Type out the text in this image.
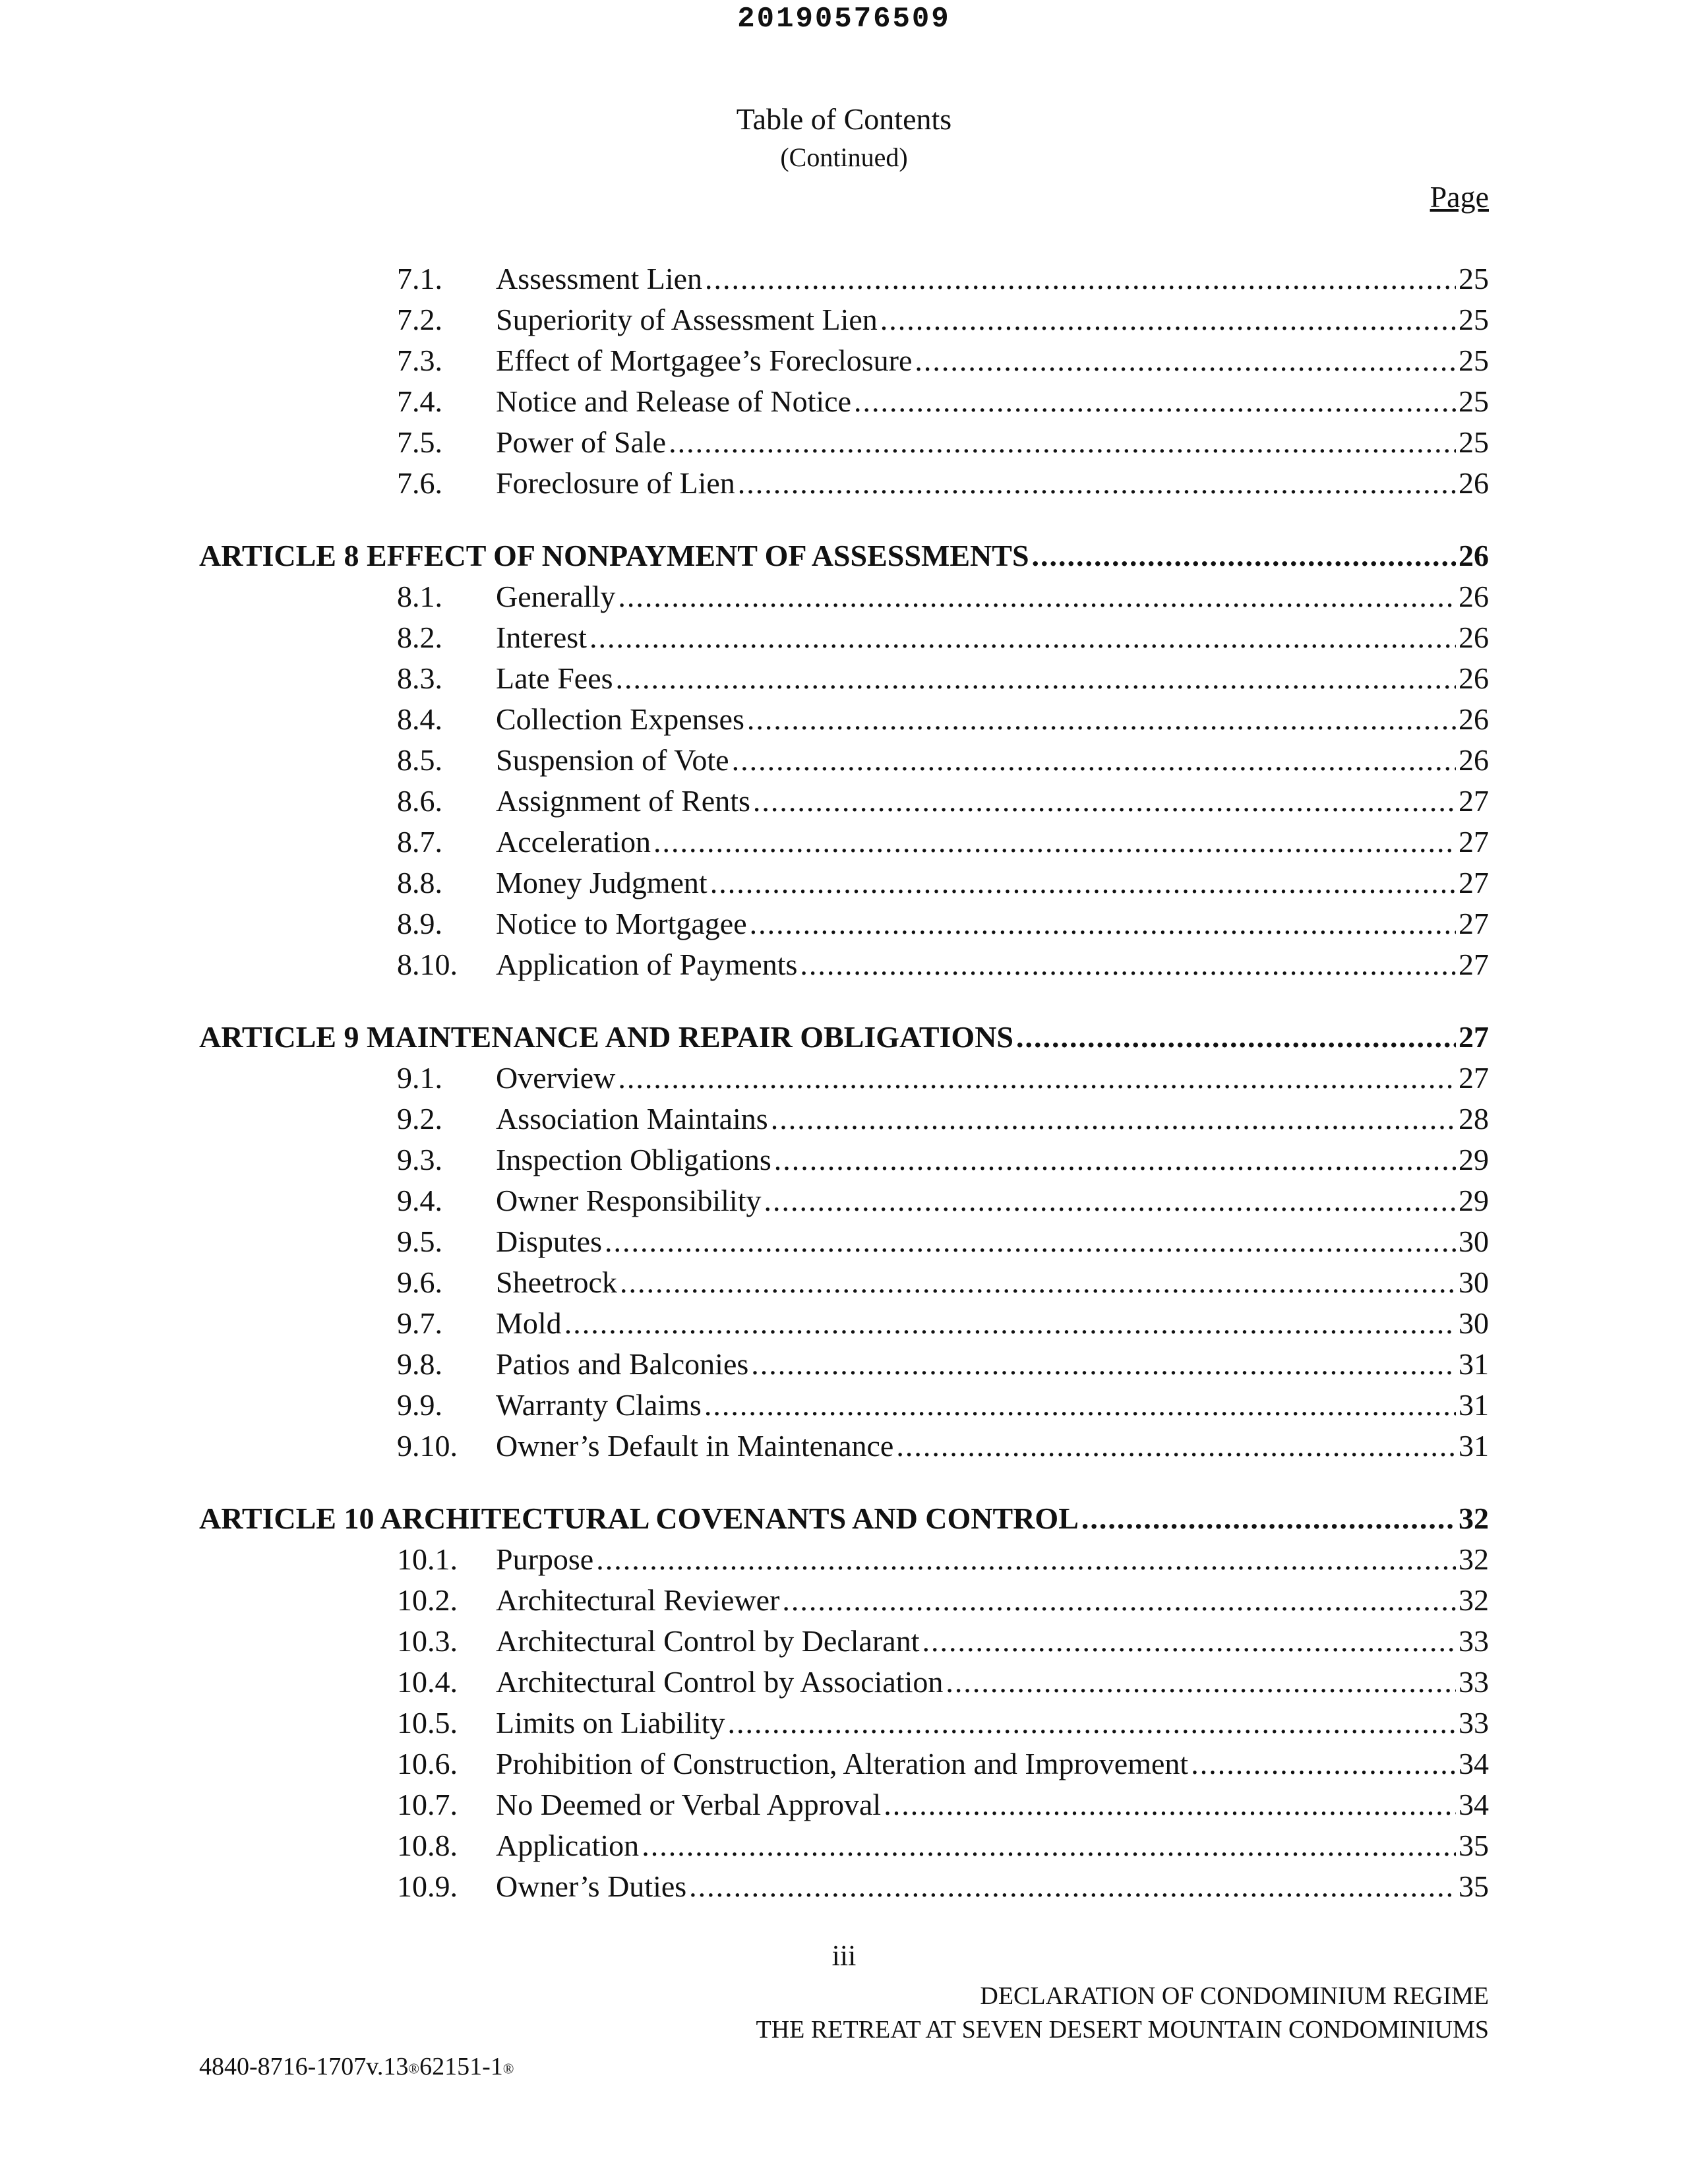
20190576509
Table of Contents
(Continued)
Page
7.1. Assessment Lien .....	25
7.2. Superiority of Assessment Lien .....	25
7.3. Effect of Mortgagee’s Foreclosure .....	25
7.4. Notice and Release of Notice .....	25
7.5. Power of Sale .....	25
7.6. Foreclosure of Lien .....	26
ARTICLE 8 EFFECT OF NONPAYMENT OF ASSESSMENTS .....	26
8.1. Generally .....	26
8.2. Interest .....	26
8.3. Late Fees .....	26
8.4. Collection Expenses .....	26
8.5. Suspension of Vote .....	26
8.6. Assignment of Rents .....	27
8.7. Acceleration .....	27
8.8. Money Judgment .....	27
8.9. Notice to Mortgagee .....	27
8.10. Application of Payments .....	27
ARTICLE 9 MAINTENANCE AND REPAIR OBLIGATIONS .....	27
9.1. Overview .....	27
9.2. Association Maintains .....	28
9.3. Inspection Obligations .....	29
9.4. Owner Responsibility .....	29
9.5. Disputes .....	30
9.6. Sheetrock .....	30
9.7. Mold .....	30
9.8. Patios and Balconies .....	31
9.9. Warranty Claims .....	31
9.10. Owner’s Default in Maintenance .....	31
ARTICLE 10 ARCHITECTURAL COVENANTS AND CONTROL .....	32
10.1. Purpose .....	32
10.2. Architectural Reviewer .....	32
10.3. Architectural Control by Declarant .....	33
10.4. Architectural Control by Association .....	33
10.5. Limits on Liability .....	33
10.6. Prohibition of Construction, Alteration and Improvement .....	34
10.7. No Deemed or Verbal Approval .....	34
10.8. Application .....	35
10.9. Owner’s Duties .....	35
iii
DECLARATION OF CONDOMINIUM REGIME
THE RETREAT AT SEVEN DESERT MOUNTAIN CONDOMINIUMS
4840-8716-1707v.13®62151-1®
